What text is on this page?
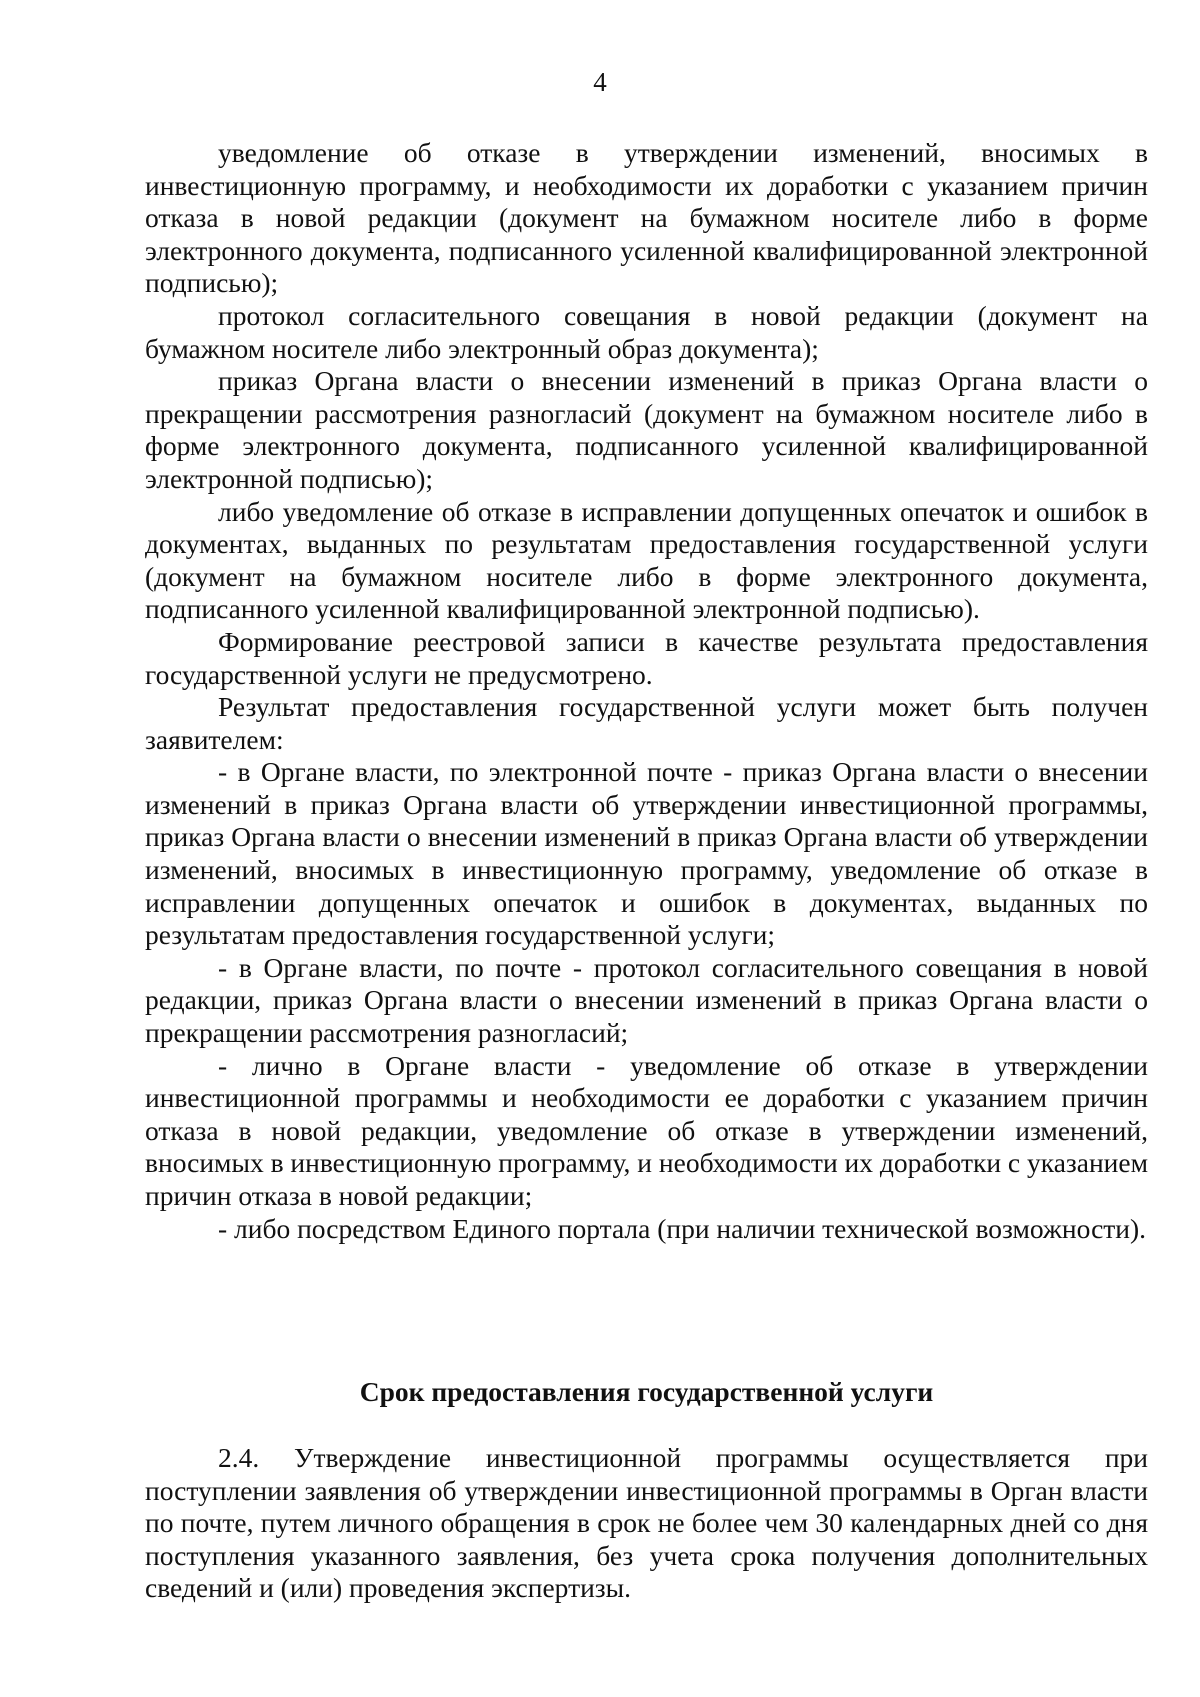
4

уведомление об отказе в утверждении изменений, вносимых в инвестиционную программу, и необходимости их доработки с указанием причин отказа в новой редакции (документ на бумажном носителе либо в форме электронного документа, подписанного усиленной квалифицированной электронной подписью);

протокол согласительного совещания в новой редакции (документ на бумажном носителе либо электронный образ документа);

приказ Органа власти о внесении изменений в приказ Органа власти о прекращении рассмотрения разногласий (документ на бумажном носителе либо в форме электронного документа, подписанного усиленной квалифицированной электронной подписью);

либо уведомление об отказе в исправлении допущенных опечаток и ошибок в документах, выданных по результатам предоставления государственной услуги (документ на бумажном носителе либо в форме электронного документа, подписанного усиленной квалифицированной электронной подписью).

Формирование реестровой записи в качестве результата предоставления государственной услуги не предусмотрено.

Результат предоставления государственной услуги может быть получен заявителем:

- в Органе власти, по электронной почте - приказ Органа власти о внесении изменений в приказ Органа власти об утверждении инвестиционной программы, приказ Органа власти о внесении изменений в приказ Органа власти об утверждении изменений, вносимых в инвестиционную программу, уведомление об отказе в исправлении допущенных опечаток и ошибок в документах, выданных по результатам предоставления государственной услуги;

- в Органе власти, по почте - протокол согласительного совещания в новой редакции, приказ Органа власти о внесении изменений в приказ Органа власти о прекращении рассмотрения разногласий;

- лично в Органе власти - уведомление об отказе в утверждении инвестиционной программы и необходимости ее доработки с указанием причин отказа в новой редакции, уведомление об отказе в утверждении изменений, вносимых в инвестиционную программу, и необходимости их доработки с указанием причин отказа в новой редакции;

- либо посредством Единого портала (при наличии технической возможности).

Срок предоставления государственной услуги

2.4. Утверждение инвестиционной программы осуществляется при поступлении заявления об утверждении инвестиционной программы в Орган власти по почте, путем личного обращения в срок не более чем 30 календарных дней со дня поступления указанного заявления, без учета срока получения дополнительных сведений и (или) проведения экспертизы.
